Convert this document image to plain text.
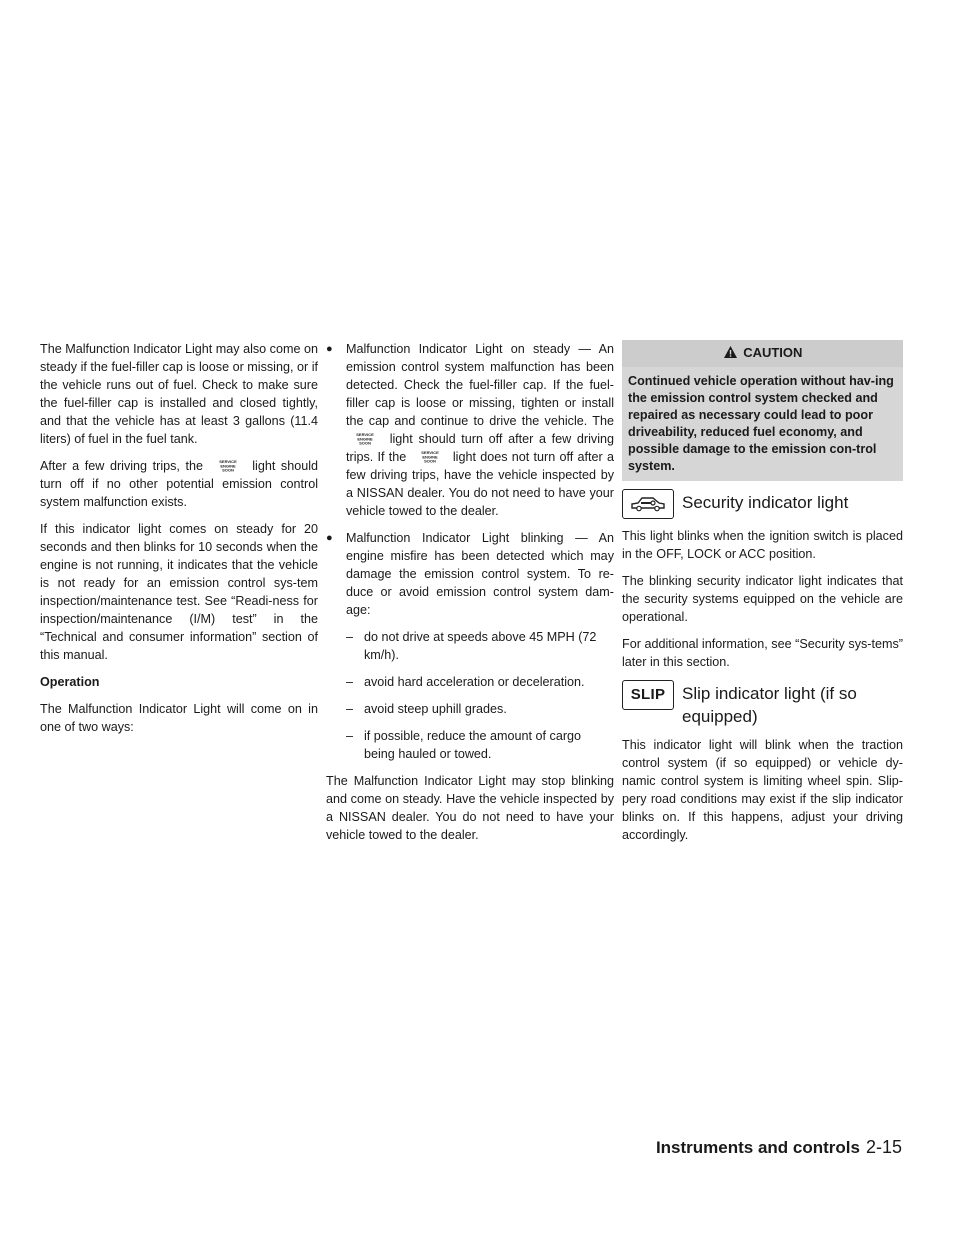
The Malfunction Indicator Light may also come on steady if the fuel-filler cap is loose or missing, or if the vehicle runs out of fuel. Check to make sure the fuel-filler cap is installed and closed tightly, and that the vehicle has at least 3 gallons (11.4 liters) of fuel in the fuel tank.

After a few driving trips, the	SERVICE
ENGINE
SOON light should turn off if no other potential emission control system malfunction exists.

If this indicator light comes on steady for 20 seconds and then blinks for 10 seconds when the engine is not running, it indicates that the vehicle is not ready for an emission control sys-tem inspection/maintenance test. See “Readi-ness for inspection/maintenance (I/M) test” in the “Technical and consumer information” section of this manual.

Operation

The Malfunction Indicator Light will come on in one of two ways:

● Malfunction Indicator Light on steady — An emission control system malfunction has been detected. Check the fuel-filler cap. If the fuel-filler cap is loose or missing, tighten or install the cap and continue to drive the vehicle. The
SERVICE
ENGINE
SOON light should turn off after a few driving trips. If the	SERVICE
ENGINE
SOON light does not turn off after a few driving trips, have the vehicle inspected by a NISSAN dealer. You do not need to have your vehicle towed to the dealer.
● Malfunction Indicator Light blinking — An engine misfire has been detected which may damage the emission control system. To re-duce or avoid emission control system dam-age:
– do not drive at speeds above 45 MPH (72 km/h).
– avoid hard acceleration or deceleration.
– avoid steep uphill grades.
– if possible, reduce the amount of cargo being hauled or towed.

The Malfunction Indicator Light may stop blinking and come on steady. Have the vehicle inspected by a NISSAN dealer. You do not need to have your vehicle towed to the dealer.

CAUTION
Continued vehicle operation without hav-ing the emission control system checked and repaired as necessary could lead to poor driveability, reduced fuel economy, and possible damage to the emission con-trol system.
Security indicator light

This light blinks when the ignition switch is placed in the OFF, LOCK or ACC position.

The blinking security indicator light indicates that the security systems equipped on the vehicle are operational.

For additional information, see “Security sys-tems” later in this section.

SLIP Slip indicator light (if so equipped)

This indicator light will blink when the traction control system (if so equipped) or vehicle dy-namic control system is limiting wheel spin. Slip-pery road conditions may exist if the slip indicator blinks on. If this happens, adjust your driving accordingly.

Instruments and controls 2-15
